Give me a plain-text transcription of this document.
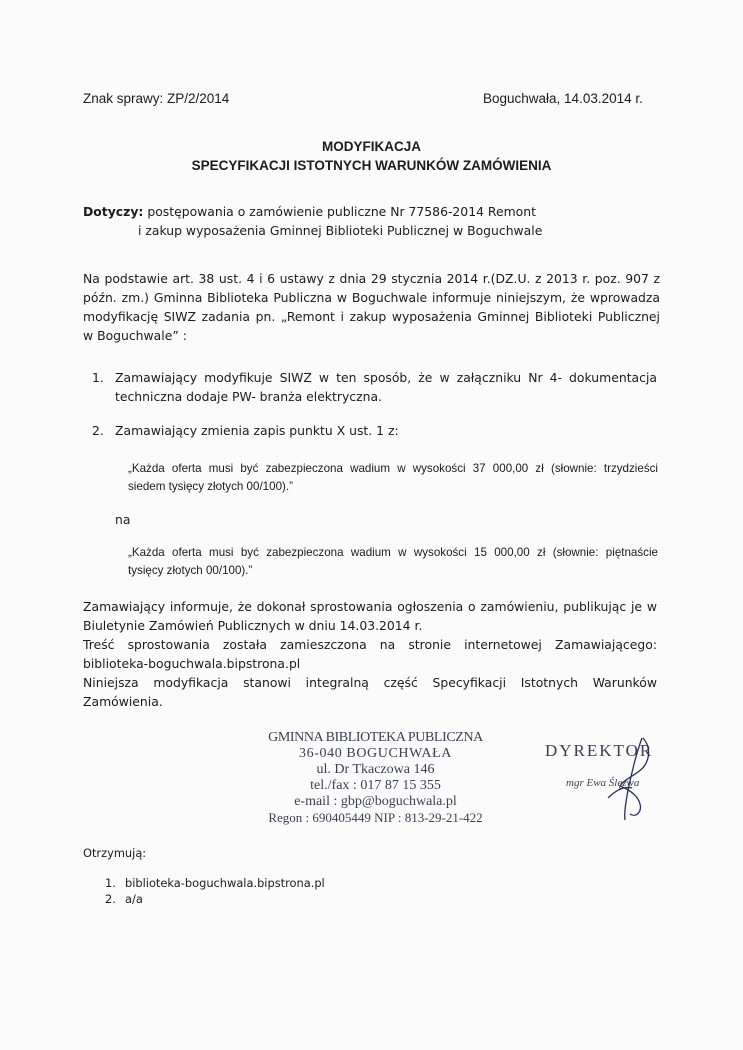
Znak sprawy: ZP/2/2014	Boguchwała, 14.03.2014 r.
MODYFIKACJA
SPECYFIKACJI ISTOTNYCH WARUNKÓW ZAMÓWIENIA
Dotyczy: postępowania o zamówienie publiczne Nr 77586-2014 Remont
i zakup wyposażenia Gminnej Biblioteki Publicznej w Boguchwale
Na podstawie art. 38 ust. 4 i 6 ustawy z dnia 29 stycznia 2014 r.(DZ.U. z 2013 r. poz. 907 z
późn. zm.) Gminna Biblioteka Publiczna w Boguchwale informuje niniejszym, że wprowadza
modyfikację SIWZ zadania pn. „Remont i zakup wyposażenia Gminnej Biblioteki Publicznej
w Boguchwale” :
1. Zamawiający modyfikuje SIWZ w ten sposób, że w załączniku Nr 4- dokumentacja
techniczna dodaje PW- branża elektryczna.
2. Zamawiający zmienia zapis punktu X ust. 1 z:
„Każda oferta musi być zabezpieczona wadium w wysokości 37 000,00 zł (słownie: trzydzieści
siedem tysięcy złotych 00/100).”
na
„Każda oferta musi być zabezpieczona wadium w wysokości 15 000,00 zł (słownie: piętnaście
tysięcy złotych 00/100).”
Zamawiający informuje, że dokonał sprostowania ogłoszenia o zamówieniu, publikując je w
Biuletynie Zamówień Publicznych w dniu 14.03.2014 r.
Treść sprostowania została zamieszczona na stronie internetowej Zamawiającego:
biblioteka-boguchwala.bipstrona.pl
Niniejsza modyfikacja stanowi integralną część Specyfikacji Istotnych Warunków
Zamówienia.
GMINNA BIBLIOTEKA PUBLICZNA
36-040 BOGUCHWAŁA
ul. Dr Tkaczowa 146
tel./fax : 017 87 15 355
e-mail : gbp@boguchwala.pl
Regon : 690405449 NIP : 813-29-21-422
DYREKTOR
mgr Ewa Ślęzwa
Otrzymują:
1. biblioteka-boguchwala.bipstrona.pl
2. a/a
